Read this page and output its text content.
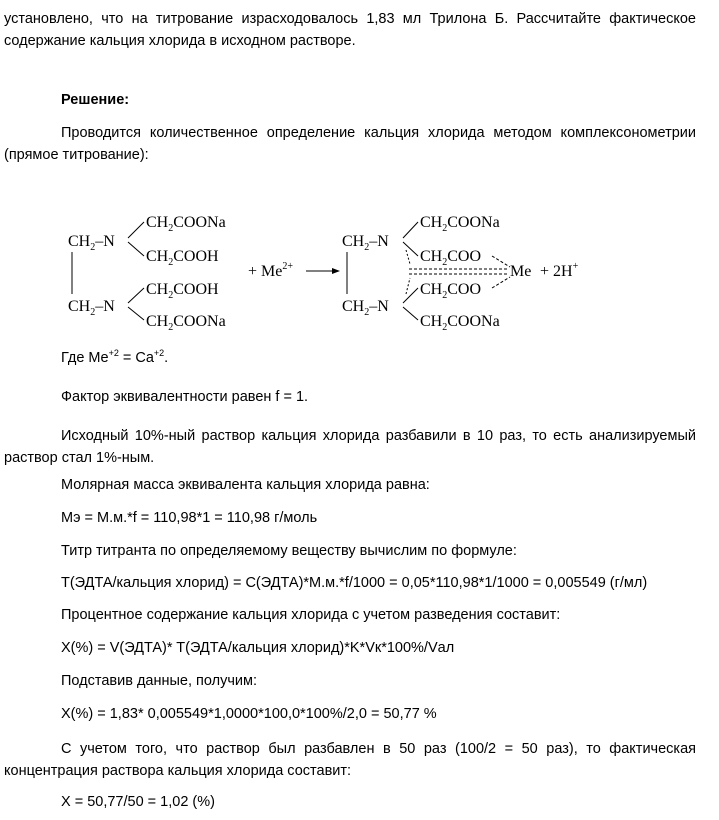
установлено, что на титрование израсходовалось 1,83 мл Трилона Б. Рассчитайте фактическое содержание кальция хлорида в исходном растворе.

Решение:

Проводится количественное определение кальция хлорида методом комплексонометрии (прямое титрование):

$CH_2-N$
$CH_2-N$
$CH_2COONa$
$CH_2COOH$
$CH_2COOH$
$CH_2COONa$
+ $Me^{2+}$
$CH_2-N$
$CH_2-N$
$CH_2COONa$
$CH_2COO$
$CH_2COO$
$CH_2COONa$
Me + 2H+

Где $Me^{+2} = Ca^{+2}$.

Фактор эквивалентности равен f = 1.

Исходный 10%-ный раствор кальция хлорида разбавили в 10 раз, то есть анализируемый раствор стал 1%-ным.

Молярная масса эквивалента кальция хлорида равна:

Mэ = М.м.*f = 110,98*1 = 110,98 г/моль

Титр титранта по определяемому веществу вычислим по формуле:

Т(ЭДТА/кальция хлорид) = С(ЭДТА)*М.м.*f/1000 = 0,05*110,98*1/1000 = 0,005549 (г/мл)

Процентное содержание кальция хлорида с учетом разведения составит:

X(%) = V(ЭДТА)* T(ЭДТА/кальция хлорид)*K*Vк*100%/Vал

Подставив данные, получим:

X(%) = 1,83* 0,005549*1,0000*100,0*100%/2,0 = 50,77 %

С учетом того, что раствор был разбавлен в 50 раз (100/2 = 50 раз), то фактическая концентрация раствора кальция хлорида составит:

X = 50,77/50 = 1,02 (%)
